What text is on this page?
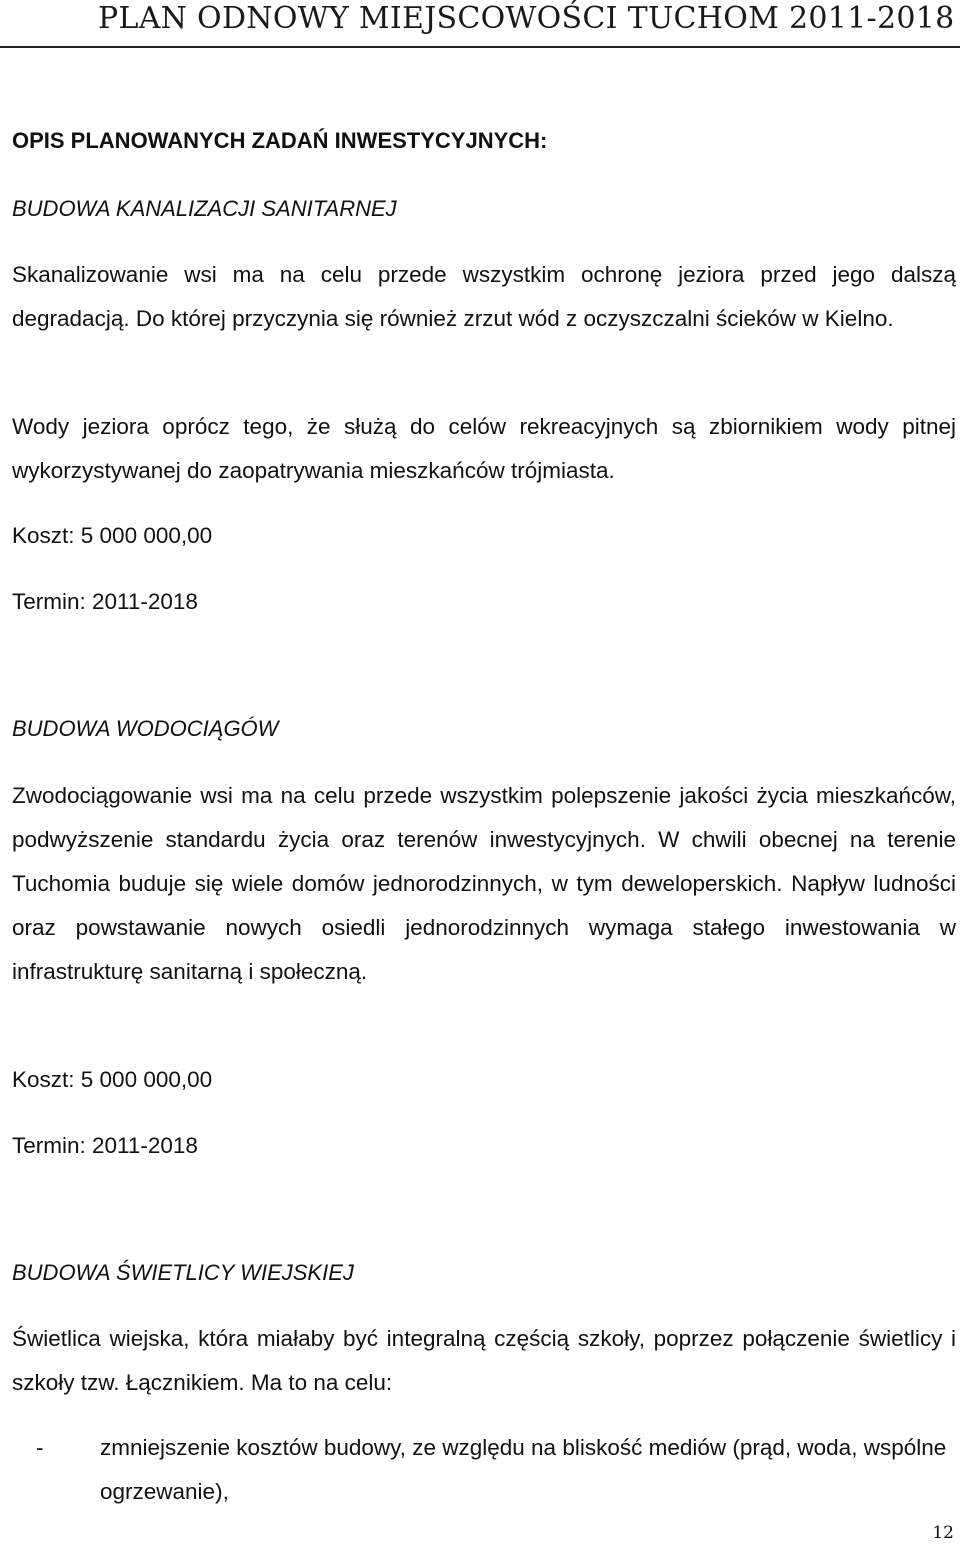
PLAN ODNOWY MIEJSCOWOŚCI TUCHOM 2011-2018
OPIS PLANOWANYCH ZADAŃ INWESTYCYJNYCH:
BUDOWA KANALIZACJI SANITARNEJ
Skanalizowanie wsi ma na celu przede wszystkim ochronę jeziora przed jego dalszą degradacją. Do której przyczynia się również zrzut wód z oczyszczalni ścieków w Kielno.
Wody jeziora oprócz tego, że służą do celów rekreacyjnych są zbiornikiem wody pitnej wykorzystywanej do zaopatrywania mieszkańców trójmiasta.
Koszt: 5 000 000,00
Termin: 2011-2018
BUDOWA WODOCIĄGÓW
Zwodociągowanie wsi ma na celu przede wszystkim polepszenie jakości życia mieszkańców, podwyższenie standardu życia oraz terenów inwestycyjnych. W chwili obecnej na terenie Tuchomia buduje się wiele domów jednorodzinnych, w tym deweloperskich. Napływ ludności oraz powstawanie nowych osiedli jednorodzinnych wymaga stałego inwestowania w infrastrukturę sanitarną i społeczną.
Koszt: 5 000 000,00
Termin: 2011-2018
BUDOWA ŚWIETLICY WIEJSKIEJ
Świetlica wiejska, która miałaby być integralną częścią szkoły, poprzez połączenie świetlicy i szkoły tzw. Łącznikiem. Ma to na celu:
-	zmniejszenie kosztów budowy, ze względu na bliskość mediów (prąd, woda, wspólne ogrzewanie),
12
